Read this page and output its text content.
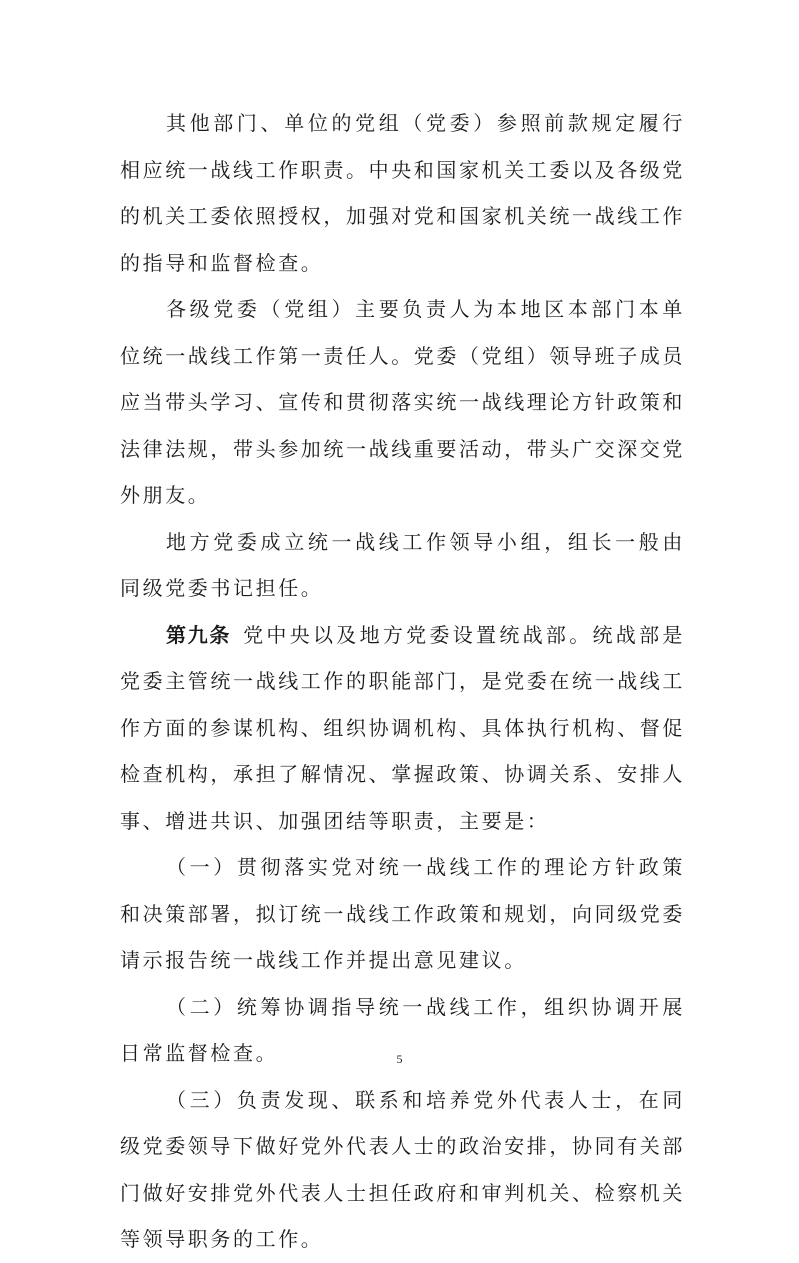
其他部门、单位的党组（党委）参照前款规定履行相应统一战线工作职责。中央和国家机关工委以及各级党的机关工委依照授权，加强对党和国家机关统一战线工作的指导和监督检查。

各级党委（党组）主要负责人为本地区本部门本单位统一战线工作第一责任人。党委（党组）领导班子成员应当带头学习、宣传和贯彻落实统一战线理论方针政策和法律法规，带头参加统一战线重要活动，带头广交深交党外朋友。

地方党委成立统一战线工作领导小组，组长一般由同级党委书记担任。

第九条 党中央以及地方党委设置统战部。统战部是党委主管统一战线工作的职能部门，是党委在统一战线工作方面的参谋机构、组织协调机构、具体执行机构、督促检查机构，承担了解情况、掌握政策、协调关系、安排人事、增进共识、加强团结等职责，主要是：

（一）贯彻落实党对统一战线工作的理论方针政策和决策部署，拟订统一战线工作政策和规划，向同级党委请示报告统一战线工作并提出意见建议。

（二）统筹协调指导统一战线工作，组织协调开展日常监督检查。

（三）负责发现、联系和培养党外代表人士，在同级党委领导下做好党外代表人士的政治安排，协同有关部门做好安排党外代表人士担任政府和审判机关、检察机关等领导职务的工作。

5
